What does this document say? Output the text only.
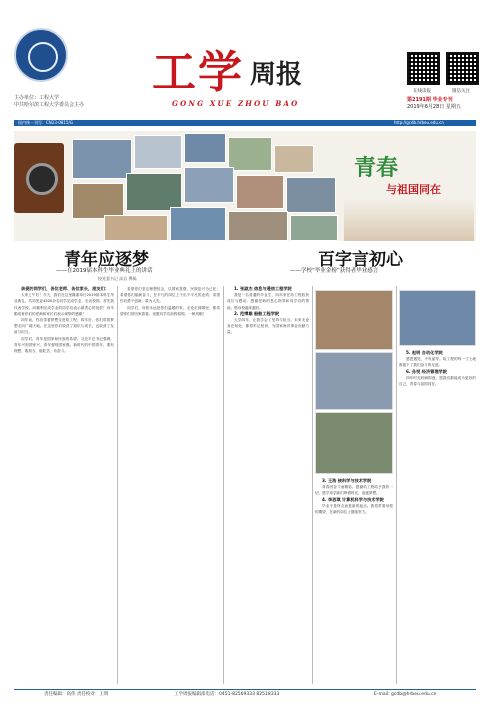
主办单位：工程大学
中共哈尔滨工程大学委员会主办
工学 周报
GONG XUE ZHOU BAO
在线读报	微信关注
第2191期 毕业专刊
2019年6月28日 星期五
国内统一刊号：CN23-0815/G	http://gcdb.hrbeu.edu.cn
青春
与祖国同在
青年应逐梦
——在2019届本科生毕业典礼上的讲话
校党委书记 高岩 撰稿

亲爱的同学们，各位老师、各位家长，朋友们：

大家上午好！今天，我们在这里隆重举行2019届本科生毕业典礼，共同见证4500余名同学完成学业、走出校园。首先我代表学校，向顺利完成学业的同学们表示最衷心的祝贺！向辛勤培育你们的老师和家长们表示诚挚的感谢！

四年前，你们带着梦想走进哈工程；四年后，你们带着梦想走向广阔天地。在这里你们收获了知识与成长，也收获了友谊与担当。

同学们，青年是国家和民族的希望。习近平总书记强调，青年兴则国家兴，青年强则国家强。新时代的中国青年，要有理想、敢担当、能吃苦、肯奋斗。

希望你们坚定理想信念，以国家富强、民族复兴为己任；希望你们砥砺奋斗，在平凡的岗位上干出不平凡的业绩；希望你们勇于创新，敢为人先。

同学们，母校永远是你们温暖的家。无论走到哪里，都希望你们常回家看看。祝愿同学们前程似锦，一帆风顺！

百字言初心
——学校“毕业金榜”获得者毕业感言

1. 张淑杰 信息与通信工程学院

我是一名普通的毕业生，四年来在哈工程收获成长与感动。感谢老师的悉心指导和同学们的帮助，愿母校越来越好。

2. 范博雄 船舶工程学院

大学四年，让我学会了坚持与担当。未来无论身在何处，都将牢记校训，为国家海洋事业贡献力量。

3. 王浩 核科学与技术学院

青春因奋斗而精彩。感谢哈工程给予我的一切，愿学弟学妹们珍惜时光，追逐梦想。

4. 李思琪 计算机科学与技术学院

毕业不是终点而是新的起点。我将带着母校的期望，在新的岗位上继续努力。

5. 赵明 自动化学院

感恩遇见，不负韶华。哈工程的每一寸土地都留下了我们奋斗的足迹。

6. 孙悦 经济管理学院

四年时光转瞬即逝，愿我们都能成为更好的自己，青春与祖国同在。

责任编辑：高伟 责任校对：王明	工学周报编辑部电话：0451-82569333 82518333	E-mail: gcdb@hrbeu.edu.cn
